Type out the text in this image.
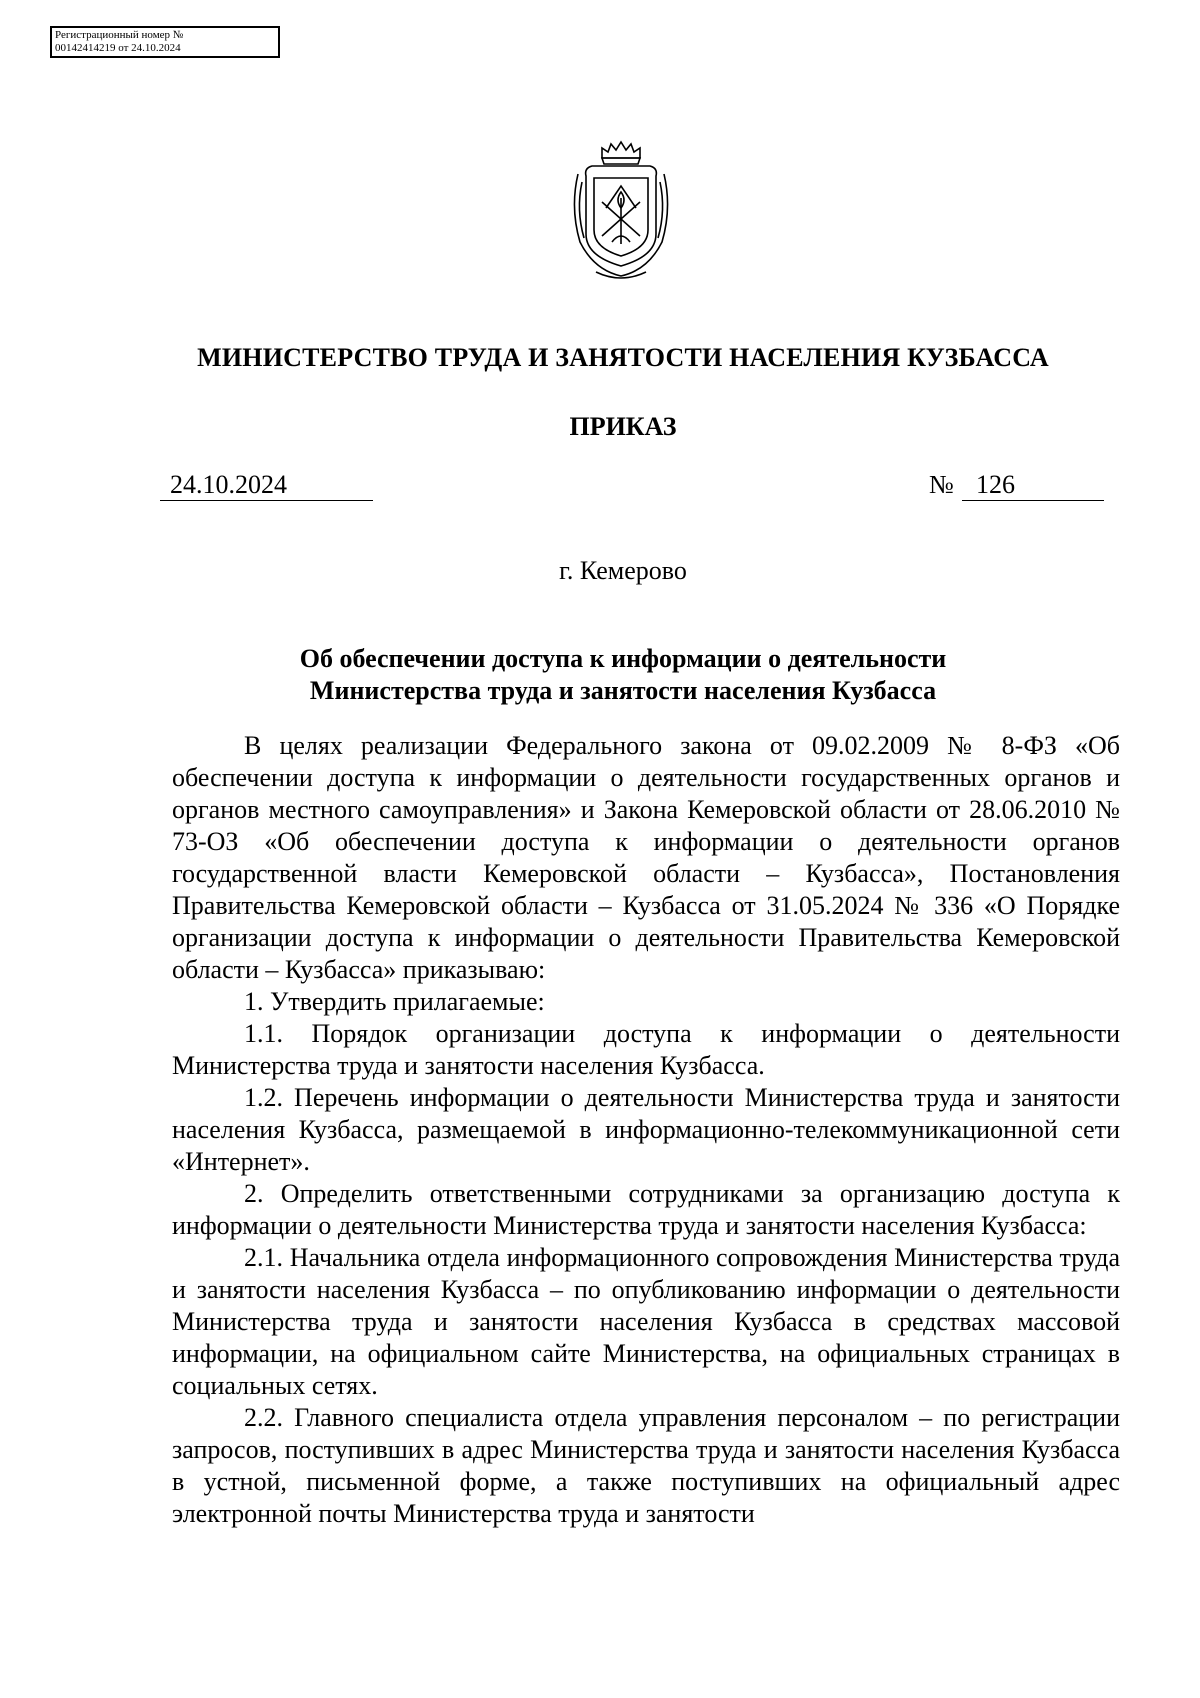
Регистрационный номер №
00142414219 от 24.10.2024
МИНИСТЕРСТВО ТРУДА И ЗАНЯТОСТИ НАСЕЛЕНИЯ КУЗБАССА
ПРИКАЗ
24.10.2024	№ 126
г. Кемерово
Об обеспечении доступа к информации о деятельности
Министерства труда и занятости населения Кузбасса

В целях реализации Федерального закона от 09.02.2009 № 8-ФЗ «Об обеспечении доступа к информации о деятельности государственных органов и органов местного самоуправления» и Закона Кемеровской области от 28.06.2010 № 73-ОЗ «Об обеспечении доступа к информации о деятельности органов государственной власти Кемеровской области – Кузбасса», Постановления Правительства Кемеровской области – Кузбасса от 31.05.2024 № 336 «О Порядке организации доступа к информации о деятельности Правительства Кемеровской области – Кузбасса» приказываю:

1. Утвердить прилагаемые:

1.1. Порядок организации доступа к информации о деятельности Министерства труда и занятости населения Кузбасса.

1.2. Перечень информации о деятельности Министерства труда и занятости населения Кузбасса, размещаемой в информационно-телекоммуникационной сети «Интернет».

2. Определить ответственными сотрудниками за организацию доступа к информации о деятельности Министерства труда и занятости населения Кузбасса:

2.1. Начальника отдела информационного сопровождения Министерства труда и занятости населения Кузбасса – по опубликованию информации о деятельности Министерства труда и занятости населения Кузбасса в средствах массовой информации, на официальном сайте Министерства, на официальных страницах в социальных сетях.

2.2. Главного специалиста отдела управления персоналом – по регистрации запросов, поступивших в адрес Министерства труда и занятости населения Кузбасса в устной, письменной форме, а также поступивших на официальный адрес электронной почты Министерства труда и занятости
